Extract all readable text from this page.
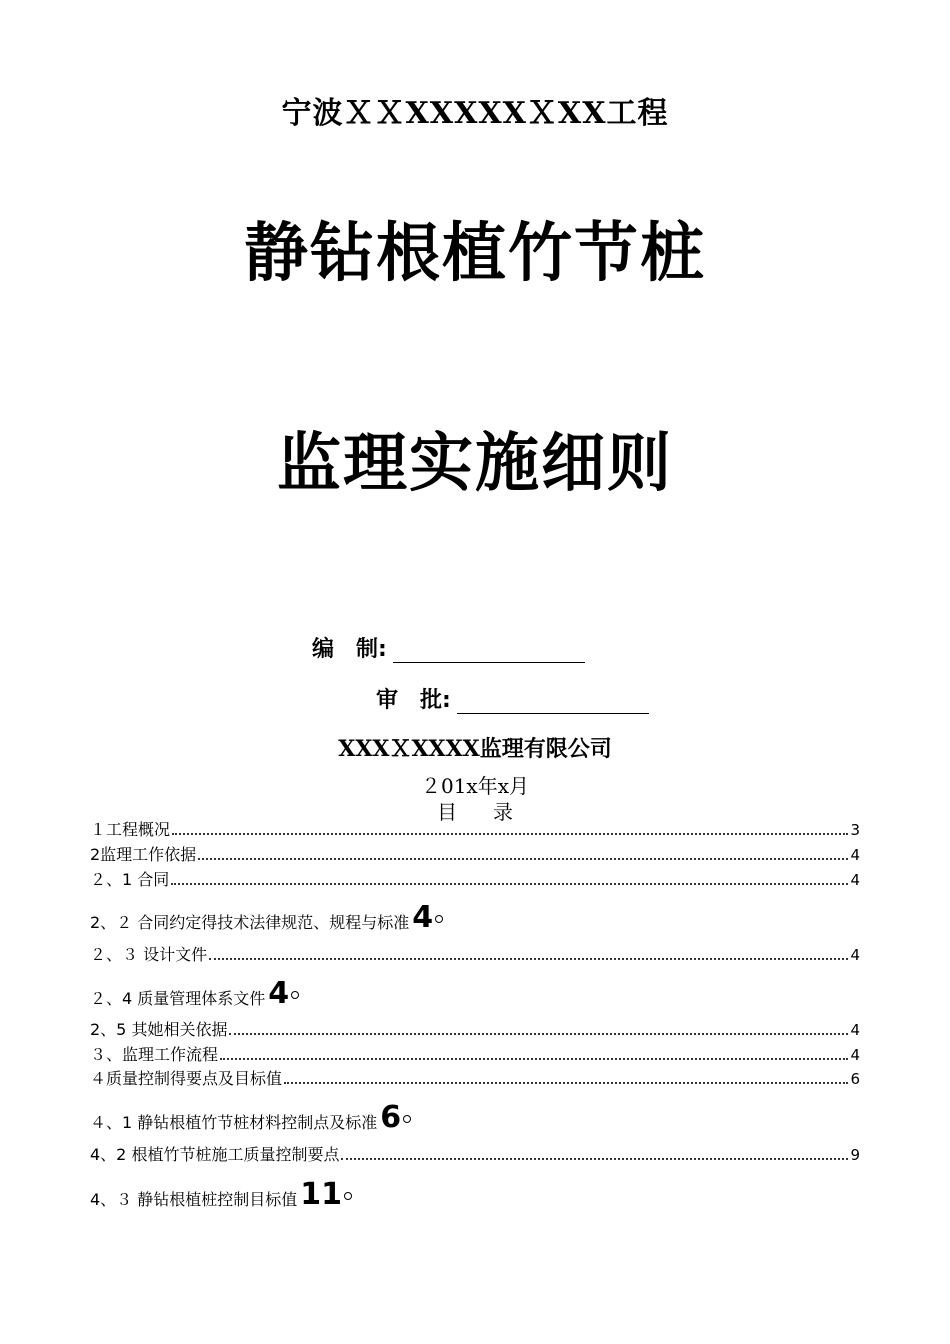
宁波ＸＸXXXXXＸXX工程
静钻根植竹节桩
监理实施细则
编　制:
审　批:
XXXＸXXXX监理有限公司
２01x年x月
目录
１工程概况	3
2监理工作依据	4
２、1 合同	4
2、２ 合同约定得技术法律规范、规程与标准 4
２、３ 设计文件	4
２、4 质量管理体系文件 4
2、5 其她相关依据	4
３、监理工作流程	4
４质量控制得要点及目标值	6
４、1 静钻根植竹节桩材料控制点及标准 6
4、2 根植竹节桩施工质量控制要点	9
4、３ 静钻根植桩控制目标值 11
